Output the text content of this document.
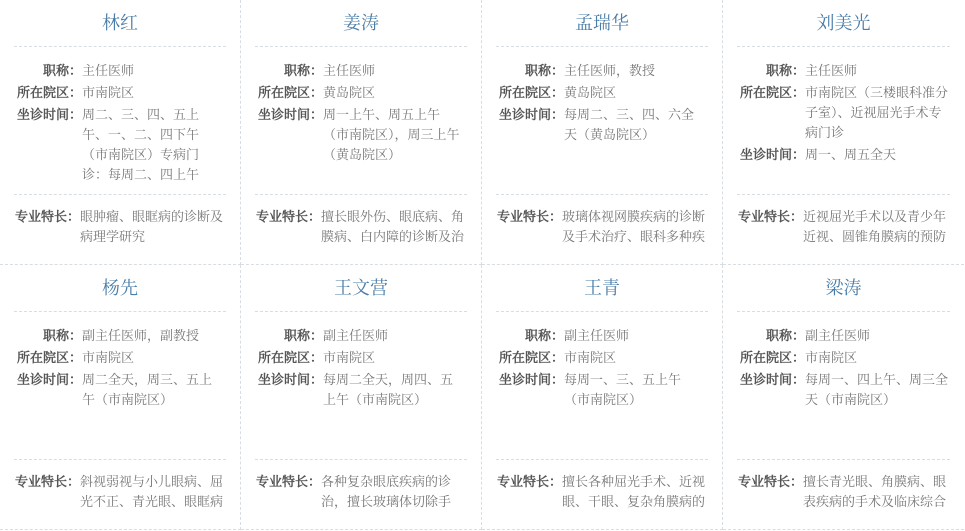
林红
职称： 主任医师
所在院区： 市南院区
坐诊时间： 周二、三、四、五上午、一、二、四下午（市南院区）专病门诊：每周二、四上午
专业特长： 眼肿瘤、眼眶病的诊断及病理学研究
姜涛
职称： 主任医师
所在院区： 黄岛院区
坐诊时间： 周一上午、周五上午（市南院区），周三上午（黄岛院区）
专业特长： 擅长眼外伤、眼底病、角膜病、白内障的诊断及治
孟瑞华
职称： 主任医师，教授
所在院区： 黄岛院区
坐诊时间： 每周二、三、四、六全天（黄岛院区）
专业特长： 玻璃体视网膜疾病的诊断及手术治疗、眼科多种疾
刘美光
职称： 主任医师
所在院区： 市南院区（三楼眼科准分子室）、近视屈光手术专病门诊
坐诊时间： 周一、周五全天
专业特长： 近视屈光手术以及青少年近视、圆锥角膜病的预防
杨先
职称： 副主任医师，副教授
所在院区： 市南院区
坐诊时间： 周二全天，周三、五上午（市南院区）
专业特长： 斜视弱视与小儿眼病、屈光不正、青光眼、眼眶病
王文营
职称： 副主任医师
所在院区： 市南院区
坐诊时间： 每周二全天，周四、五上午（市南院区）
专业特长： 各种复杂眼底疾病的诊治，擅长玻璃体切除手
王青
职称： 副主任医师
所在院区： 市南院区
坐诊时间： 每周一、三、五上午（市南院区）
专业特长： 擅长各种屈光手术、近视眼、干眼、复杂角膜病的
梁涛
职称： 副主任医师
所在院区： 市南院区
坐诊时间： 每周一、四上午、周三全天（市南院区）
专业特长： 擅长青光眼、角膜病、眼表疾病的手术及临床综合
